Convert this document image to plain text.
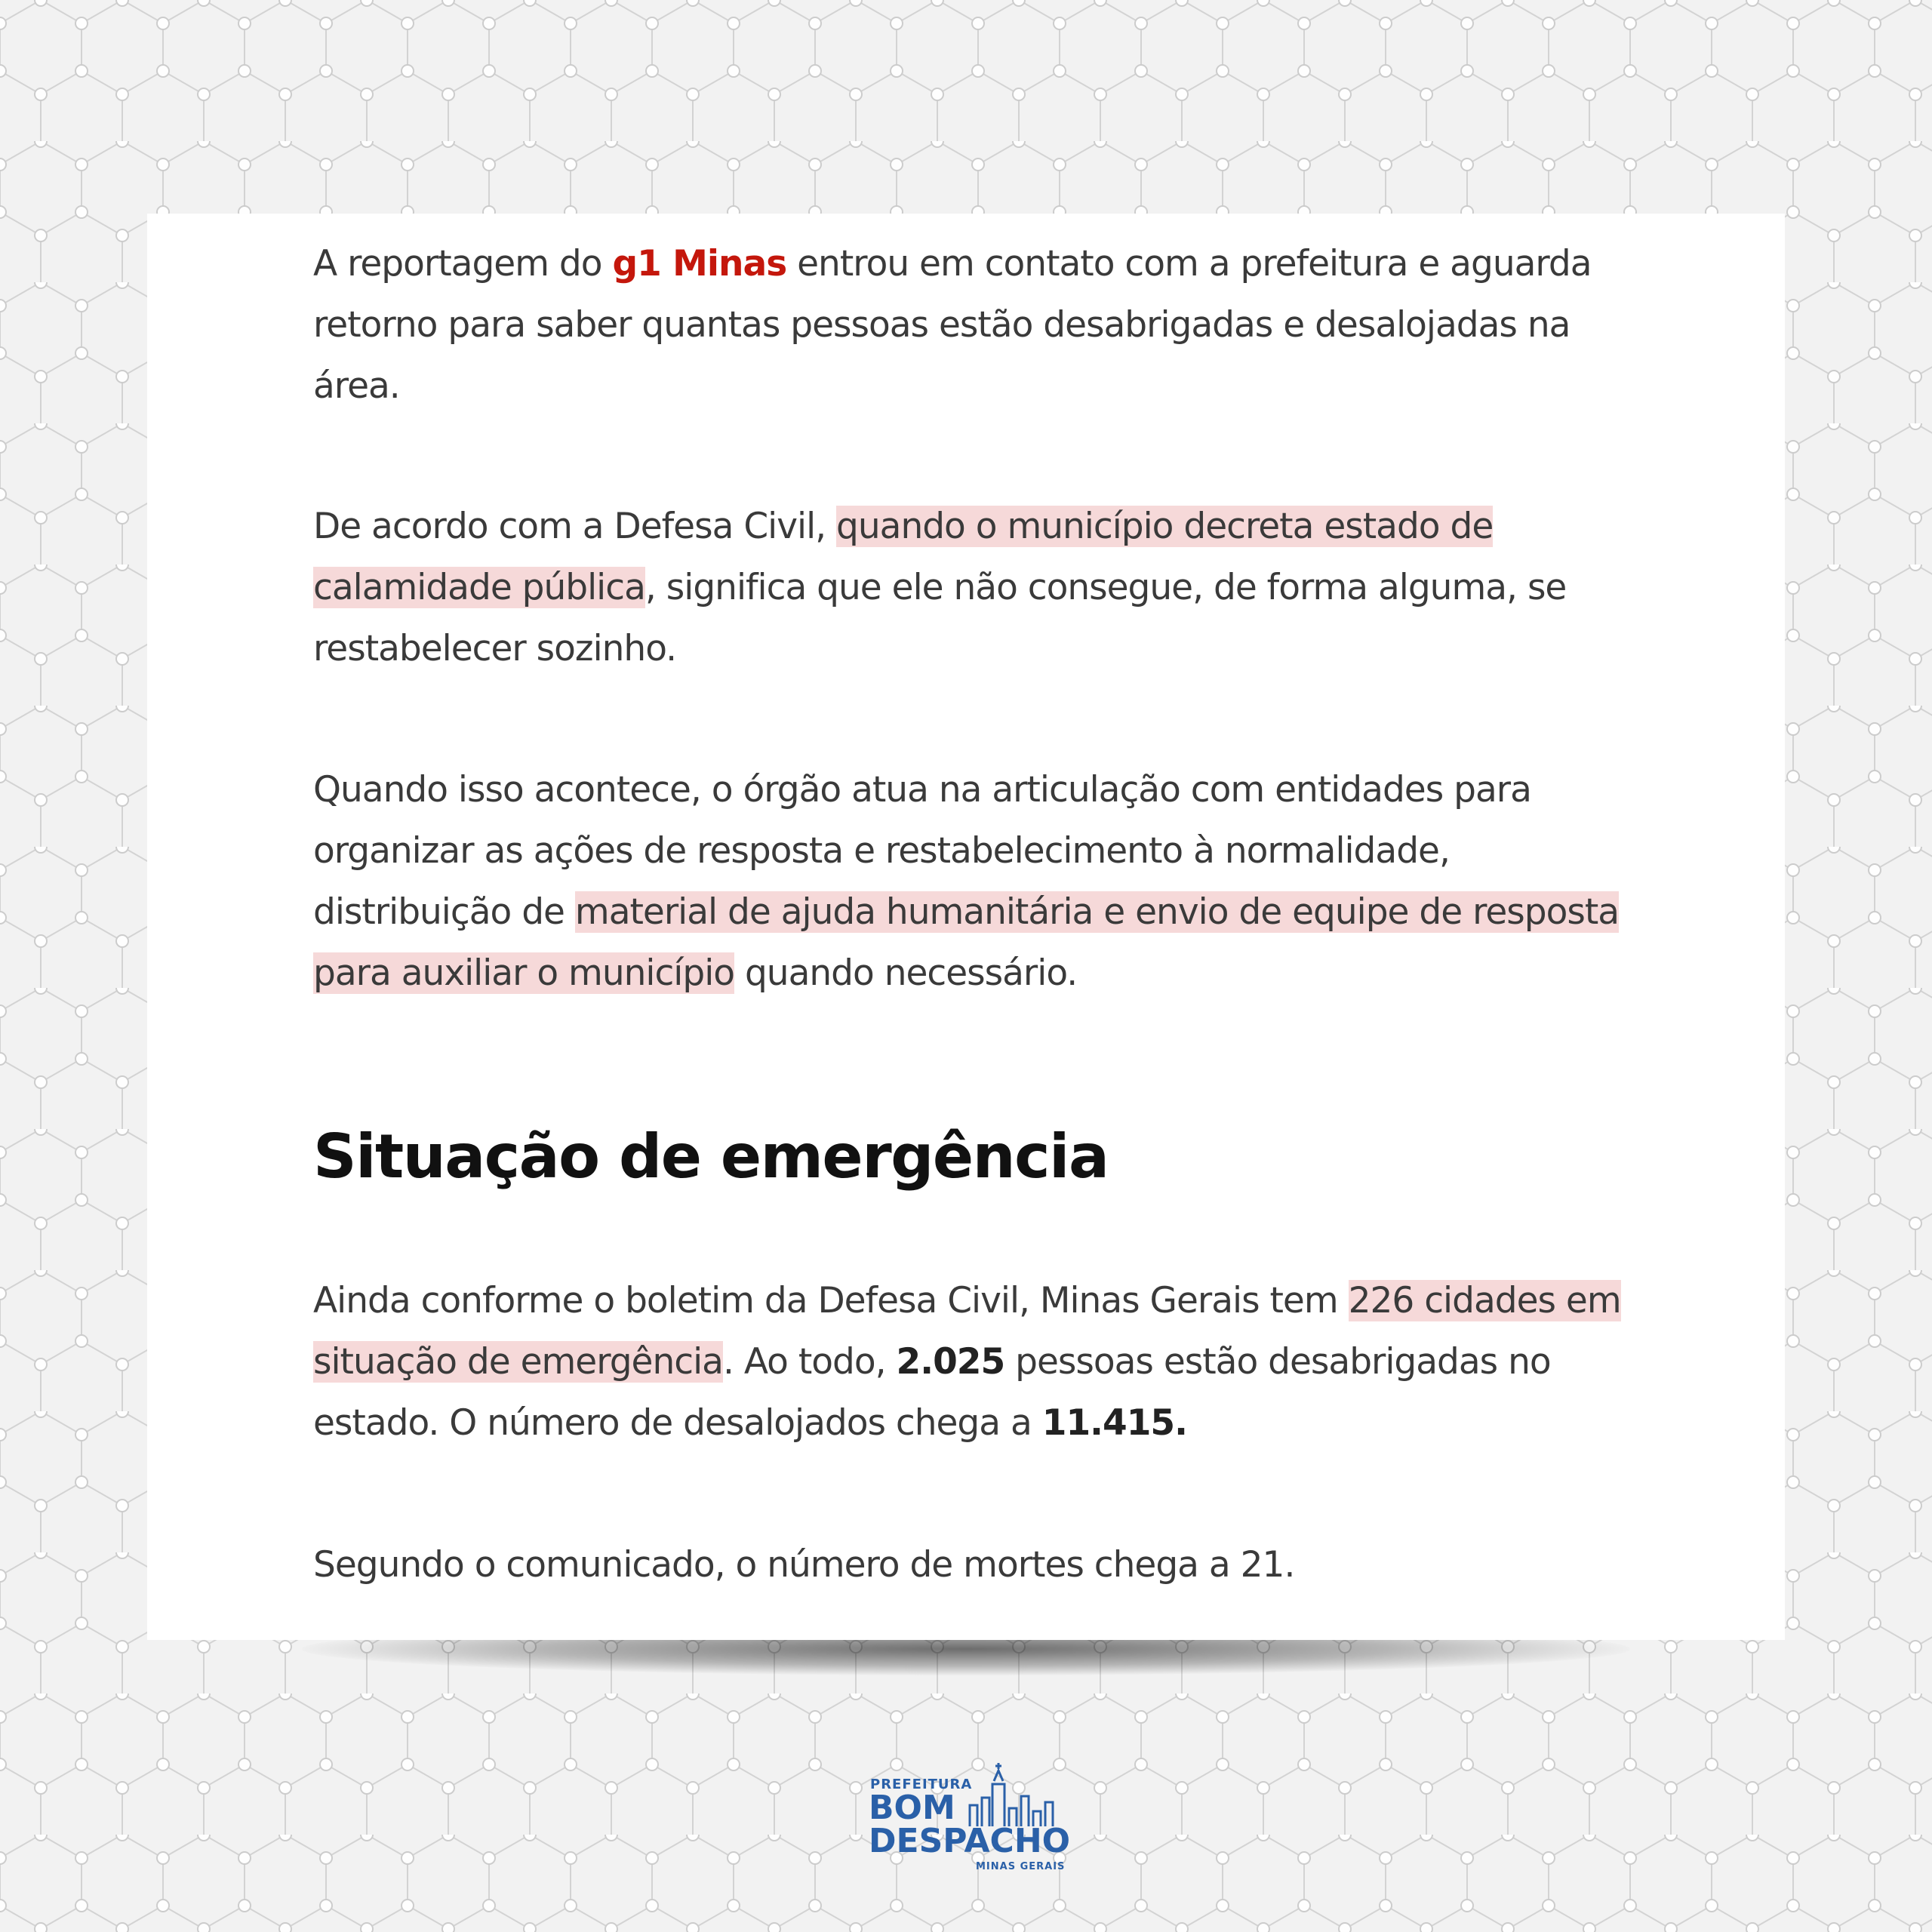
A reportagem do g1 Minas entrou em contato com a prefeitura e aguarda retorno para saber quantas pessoas estão desabrigadas e desalojadas na área.

De acordo com a Defesa Civil, quando o município decreta estado de calamidade pública, significa que ele não consegue, de forma alguma, se restabelecer sozinho.

Quando isso acontece, o órgão atua na articulação com entidades para organizar as ações de resposta e restabelecimento à normalidade, distribuição de material de ajuda humanitária e envio de equipe de resposta para auxiliar o município quando necessário.

Situação de emergência

Ainda conforme o boletim da Defesa Civil, Minas Gerais tem 226 cidades em situação de emergência. Ao todo, 2.025 pessoas estão desabrigadas no estado. O número de desalojados chega a 11.415.

Segundo o comunicado, o número de mortes chega a 21.

PREFEITURA
BOM
DESPACHO
MINAS GERAIS
